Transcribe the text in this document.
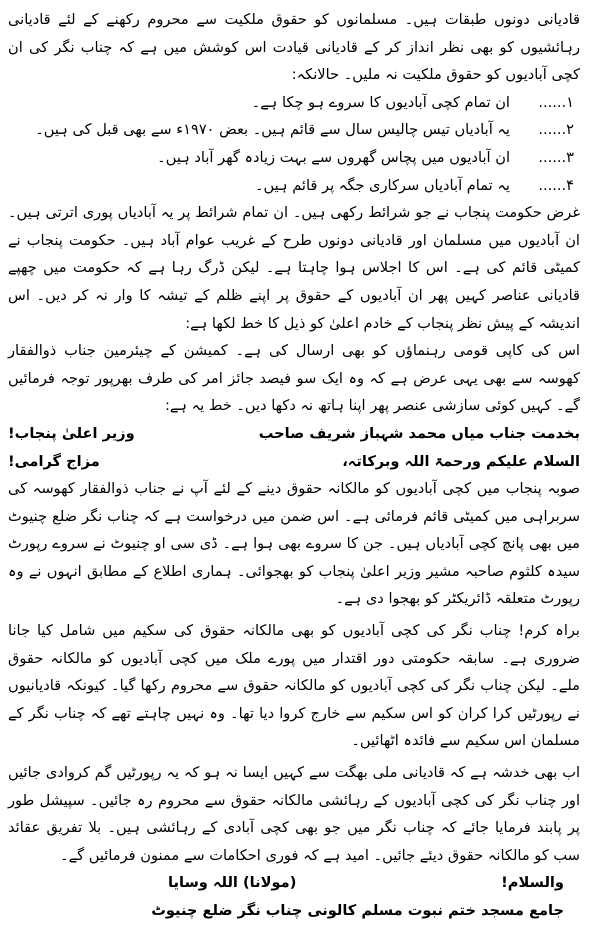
قادیانی دونوں طبقات ہیں۔ مسلمانوں کو حقوق ملکیت سے محروم رکھنے کے لئے قادیانی رہائشیوں کو بھی نظر انداز کر کے قادیانی قیادت اس کوشش میں ہے کہ چناب نگر کی ان کچی آبادیوں کو حقوق ملکیت نہ ملیں۔ حالانکہ:

۱......
ان تمام کچی آبادیوں کا سروے ہو چکا ہے۔
۲......
یہ آبادیاں تیس چالیس سال سے قائم ہیں۔ بعض ۱۹۷۰ء سے بھی قبل کی ہیں۔
۳......
ان آبادیوں میں پچاس گھروں سے بہت زیادہ گھر آباد ہیں۔
۴......
یہ تمام آبادیاں سرکاری جگہ پر قائم ہیں۔

غرض حکومت پنجاب نے جو شرائط رکھی ہیں۔ ان تمام شرائط پر یہ آبادیاں پوری اترتی ہیں۔ ان آبادیوں میں مسلمان اور قادیانی دونوں طرح کے غریب عوام آباد ہیں۔ حکومت پنجاب نے کمیٹی قائم کی ہے۔ اس کا اجلاس ہوا چاہتا ہے۔ لیکن ڈرگ رہا ہے کہ حکومت میں چھپے قادیانی عناصر کہیں پھر ان آبادیوں کے حقوق پر اپنے ظلم کے تیشہ کا وار نہ کر دیں۔ اس اندیشہ کے پیش نظر پنجاب کے خادم اعلیٰ کو ذیل کا خط لکھا ہے:

اس کی کاپی قومی رہنماؤں کو بھی ارسال کی ہے۔ کمیشن کے چیئرمین جناب ذوالفقار کھوسہ سے بھی یہی عرض ہے کہ وہ ایک سو فیصد جائز امر کی طرف بھرپور توجہ فرمائیں گے۔ کہیں کوئی سازشی عنصر پھر اپنا ہاتھ نہ دکھا دیں۔ خط یہ ہے:

بخدمت جناب میاں محمد شہباز شریف صاحب
وزیر اعلیٰ پنجاب!
السلام علیکم ورحمۃ اللہ وبرکاتہ،
مزاج گرامی!

صوبہ پنجاب میں کچی آبادیوں کو مالکانہ حقوق دینے کے لئے آپ نے جناب ذوالفقار کھوسہ کی سربراہی میں کمیٹی قائم فرمائی ہے۔ اس ضمن میں درخواست ہے کہ چناب نگر ضلع چنیوٹ میں بھی پانچ کچی آبادیاں ہیں۔ جن کا سروے بھی ہوا ہے۔ ڈی سی او چنیوٹ نے سروے رپورٹ سیدہ کلثوم صاحبہ مشیر وزیر اعلیٰ پنجاب کو بھجوائی۔ ہماری اطلاع کے مطابق انہوں نے وہ رپورٹ متعلقہ ڈائریکٹر کو بھجوا دی ہے۔

براہ کرم! چناب نگر کی کچی آبادیوں کو بھی مالکانہ حقوق کی سکیم میں شامل کیا جانا ضروری ہے۔ سابقہ حکومتی دور اقتدار میں پورے ملک میں کچی آبادیوں کو مالکانہ حقوق ملے۔ لیکن چناب نگر کی کچی آبادیوں کو مالکانہ حقوق سے محروم رکھا گیا۔ کیونکہ قادیانیوں نے رپورٹیں کرا کران کو اس سکیم سے خارج کروا دیا تھا۔ وہ نہیں چاہتے تھے کہ چناب نگر کے مسلمان اس سکیم سے فائدہ اٹھائیں۔

اب بھی خدشہ ہے کہ قادیانی ملی بھگت سے کہیں ایسا نہ ہو کہ یہ رپورٹیں گم کروادی جائیں اور چناب نگر کی کچی آبادیوں کے رہائشی مالکانہ حقوق سے محروم رہ جائیں۔ سپیشل طور پر پابند فرمایا جائے کہ چناب نگر میں جو بھی کچی آبادی کے رہائشی ہیں۔ بلا تفریق عقائد سب کو مالکانہ حقوق دیئے جائیں۔ امید ہے کہ فوری احکامات سے ممنون فرمائیں گے۔

والسلام!
(مولانا) اللہ وسایا
جامع مسجد ختم نبوت مسلم کالونی چناب نگر ضلع چنیوٹ
